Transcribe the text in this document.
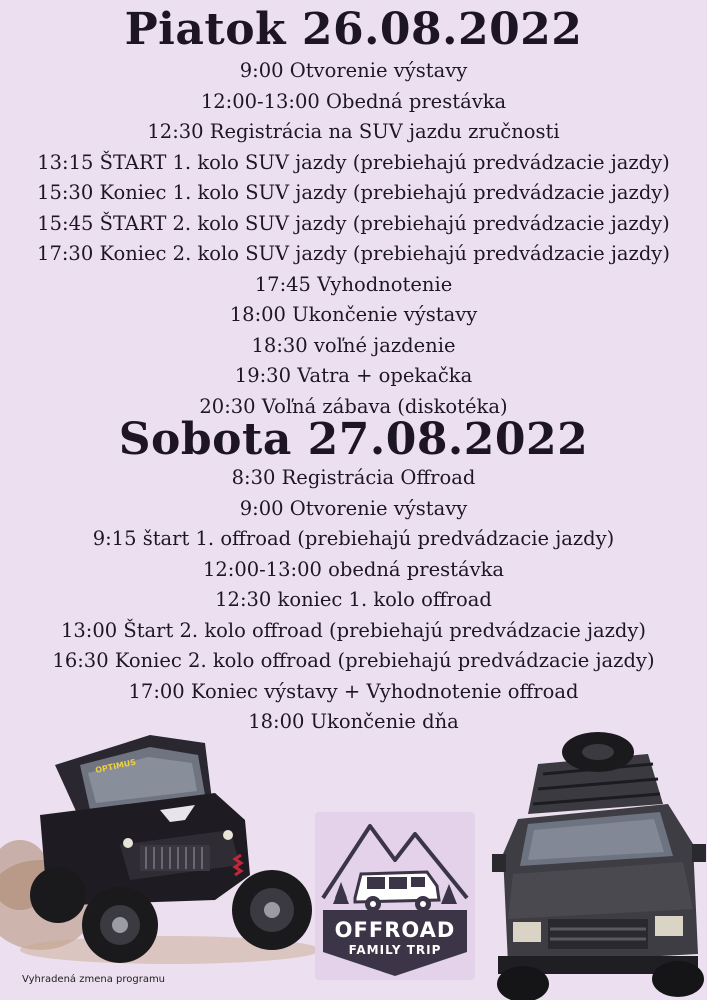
Piatok 26.08.2022
9:00 Otvorenie výstavy
12:00-13:00 Obedná prestávka
12:30 Registrácia na SUV jazdu zručnosti
13:15 ŠTART 1. kolo SUV jazdy (prebiehajú predvádzacie jazdy)
15:30 Koniec 1. kolo SUV jazdy (prebiehajú predvádzacie jazdy)
15:45 ŠTART 2. kolo SUV jazdy (prebiehajú predvádzacie jazdy)
17:30 Koniec 2. kolo SUV jazdy (prebiehajú predvádzacie jazdy)
17:45 Vyhodnotenie
18:00 Ukončenie výstavy
18:30 voľné jazdenie
19:30 Vatra + opekačka
20:30 Voľná zábava (diskotéka)
Sobota 27.08.2022
8:30 Registrácia Offroad
9:00 Otvorenie výstavy
9:15 štart 1. offroad (prebiehajú predvádzacie jazdy)
12:00-13:00 obedná prestávka
12:30 koniec 1. kolo offroad
13:00 Štart 2. kolo offroad (prebiehajú predvádzacie jazdy)
16:30 Koniec 2. kolo offroad (prebiehajú predvádzacie jazdy)
17:00 Koniec výstavy + Vyhodnotenie offroad
18:00 Ukončenie dňa
OPTIMUS
OFFROAD
FAMILY TRIP
Vyhradená zmena programu
